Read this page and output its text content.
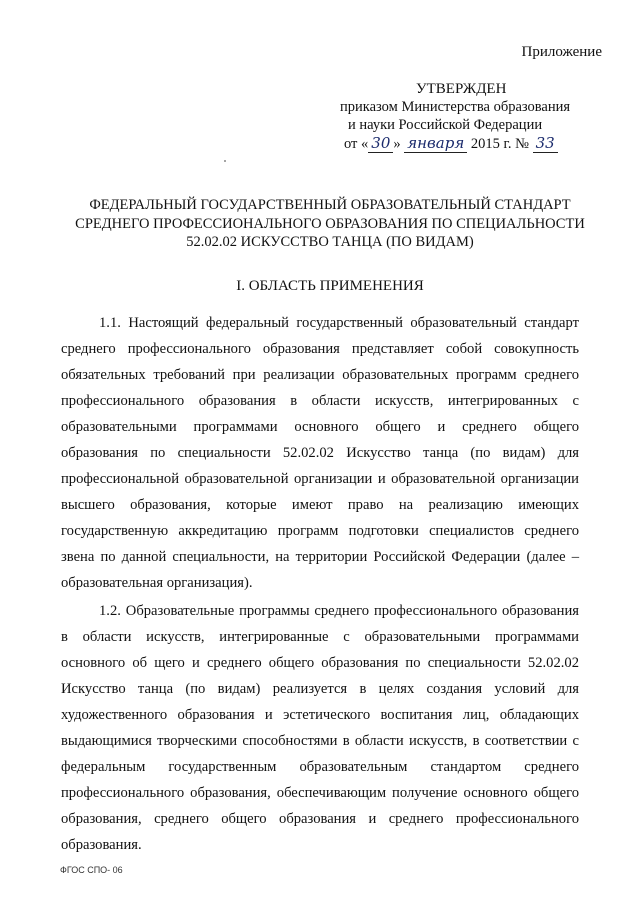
Приложение
УТВЕРЖДЕН
приказом Министерства образования
и науки Российской Федерации
от « 30 » января 2015 г. № 33
ФЕДЕРАЛЬНЫЙ ГОСУДАРСТВЕННЫЙ ОБРАЗОВАТЕЛЬНЫЙ СТАНДАРТ
СРЕДНЕГО ПРОФЕССИОНАЛЬНОГО ОБРАЗОВАНИЯ ПО СПЕЦИАЛЬНОСТИ
52.02.02 ИСКУССТВО ТАНЦА (ПО ВИДАМ)
I. ОБЛАСТЬ ПРИМЕНЕНИЯ

1.1. Настоящий федеральный государственный образовательный стандарт среднего профессионального образования представляет собой совокупность обязательных требований при реализации образовательных программ среднего профессионального образования в области искусств, интегрированных с образовательными программами основного общего и среднего общего образования по специальности 52.02.02 Искусство танца (по видам) для профессиональной образовательной организации и образовательной организации высшего образования, которые имеют право на реализацию имеющих государственную аккредитацию программ подготовки специалистов среднего звена по данной специальности, на территории Российской Федерации (далее – образовательная организация).

1.2. Образовательные программы среднего профессионального образования в области искусств, интегрированные с образовательными программами основного об щего и среднего общего образования по специальности 52.02.02 Искусство танца (по видам) реализуется в целях создания условий для художественного образования и эстетического воспитания лиц, обладающих выдающимися творческими способностями в области искусств, в соответствии с федеральным государственным образовательным стандартом среднего профессионального образования, обеспечивающим получение основного общего образования, среднего общего образования и среднего профессионального образования.

ФГОС СПО- 06
